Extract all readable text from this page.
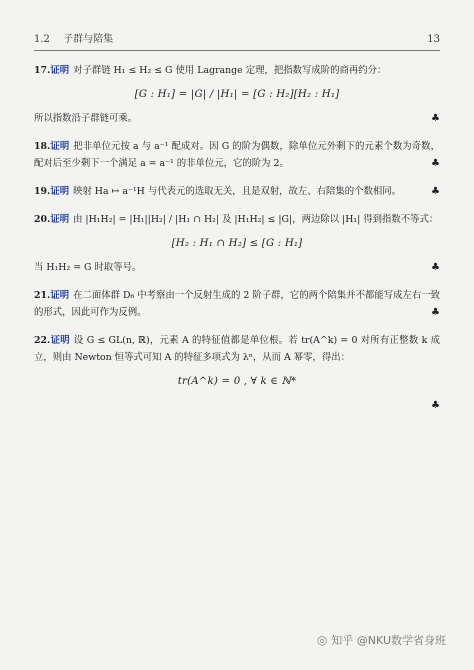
1.2 子群与陪集	13
17.证明 对子群链 H₁ ≤ H₂ ≤ G 使用 Lagrange 定理，把指数写成阶的商再约分：
[G : H₁] = |G| / |H₁| = [G : H₂][H₂ : H₁]
所以指数沿子群链可乘。	♣
18.证明 把非单位元按 a 与 a⁻¹ 配成对。因 G 的阶为偶数，除单位元外剩下的元素个数为奇数，配对后至少剩下一个满足 a = a⁻¹ 的非单位元，它的阶为 2。	♣
19.证明 映射 Ha ↦ a⁻¹H 与代表元的选取无关，且是双射，故左、右陪集的个数相同。	♣
20.证明 由 |H₁H₂| = |H₁||H₂| / |H₁ ∩ H₂| 及 |H₁H₂| ≤ |G|，两边除以 |H₁| 得到指数不等式：
[H₂ : H₁ ∩ H₂] ≤ [G : H₁]
当 H₁H₂ = G 时取等号。	♣
21.证明 在二面体群 D₆ 中考察由一个反射生成的 2 阶子群，它的两个陪集并不都能写成左右一致的形式，因此可作为反例。	♣
22.证明 设 G ≤ GL(n, ℝ)，元素 A 的特征值都是单位根。若 tr(A^k) = 0 对所有正整数 k 成立，则由 Newton 恒等式可知 A 的特征多项式为 λⁿ，从而 A 幂零，得出：
tr(A^k) = 0 , ∀ k ∈ ℕ*
♣
◎ 知乎 @NKU数学省身班
